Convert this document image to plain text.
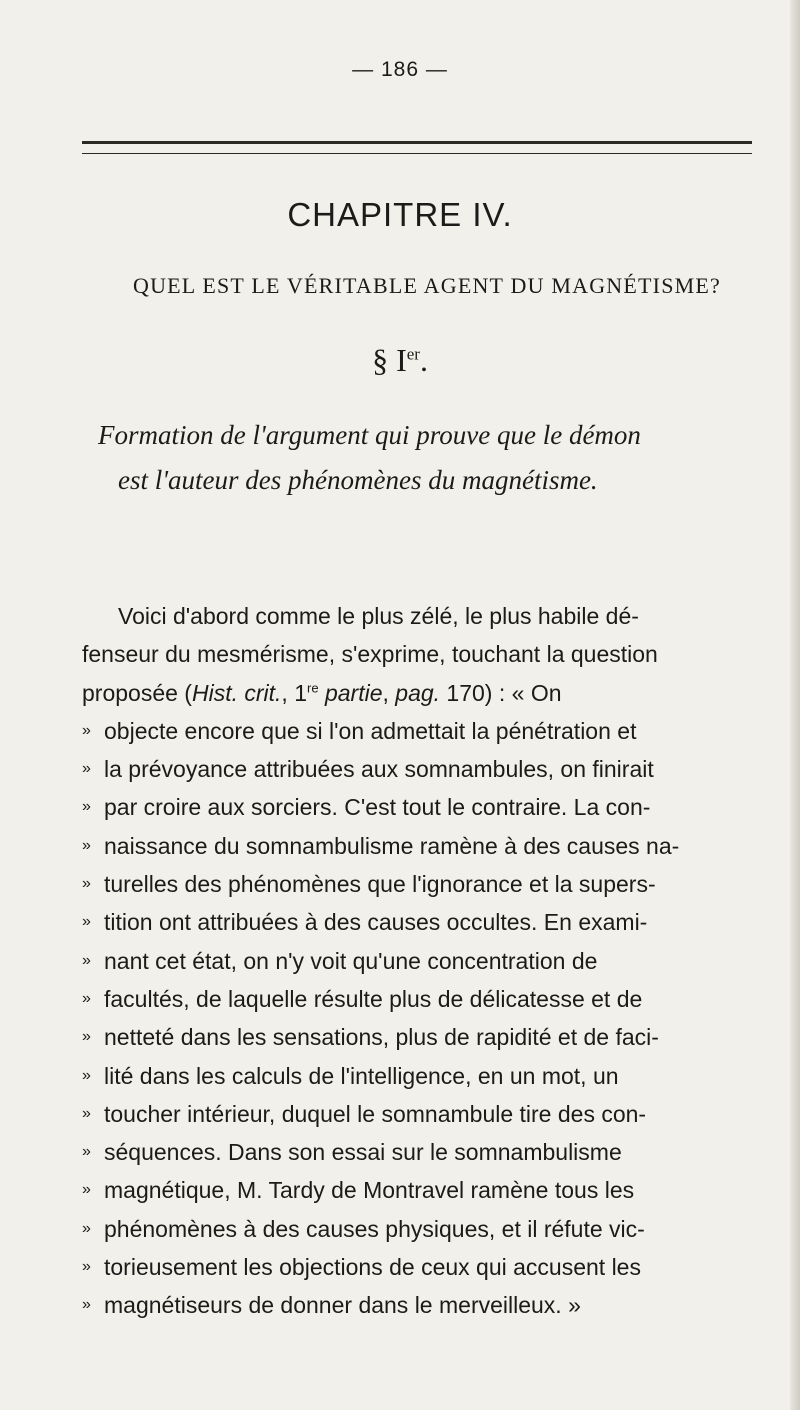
— 186 —
CHAPITRE IV.
QUEL EST LE VÉRITABLE AGENT DU MAGNÉTISME?
§ Ier.
Formation de l'argument qui prouve que le démon
est l'auteur des phénomènes du magnétisme.
Voici d'abord comme le plus zélé, le plus habile dé-
fenseur du mesmérisme, s'exprime, touchant la question
proposée (Hist. crit., 1re partie, pag. 170) : « On
» objecte encore que si l'on admettait la pénétration et
» la prévoyance attribuées aux somnambules, on finirait
» par croire aux sorciers. C'est tout le contraire. La con-
» naissance du somnambulisme ramène à des causes na-
» turelles des phénomènes que l'ignorance et la supers-
» tition ont attribuées à des causes occultes. En exami-
» nant cet état, on n'y voit qu'une concentration de
» facultés, de laquelle résulte plus de délicatesse et de
» netteté dans les sensations, plus de rapidité et de faci-
» lité dans les calculs de l'intelligence, en un mot, un
» toucher intérieur, duquel le somnambule tire des con-
» séquences. Dans son essai sur le somnambulisme
» magnétique, M. Tardy de Montravel ramène tous les
» phénomènes à des causes physiques, et il réfute vic-
» torieusement les objections de ceux qui accusent les
» magnétiseurs de donner dans le merveilleux. »
